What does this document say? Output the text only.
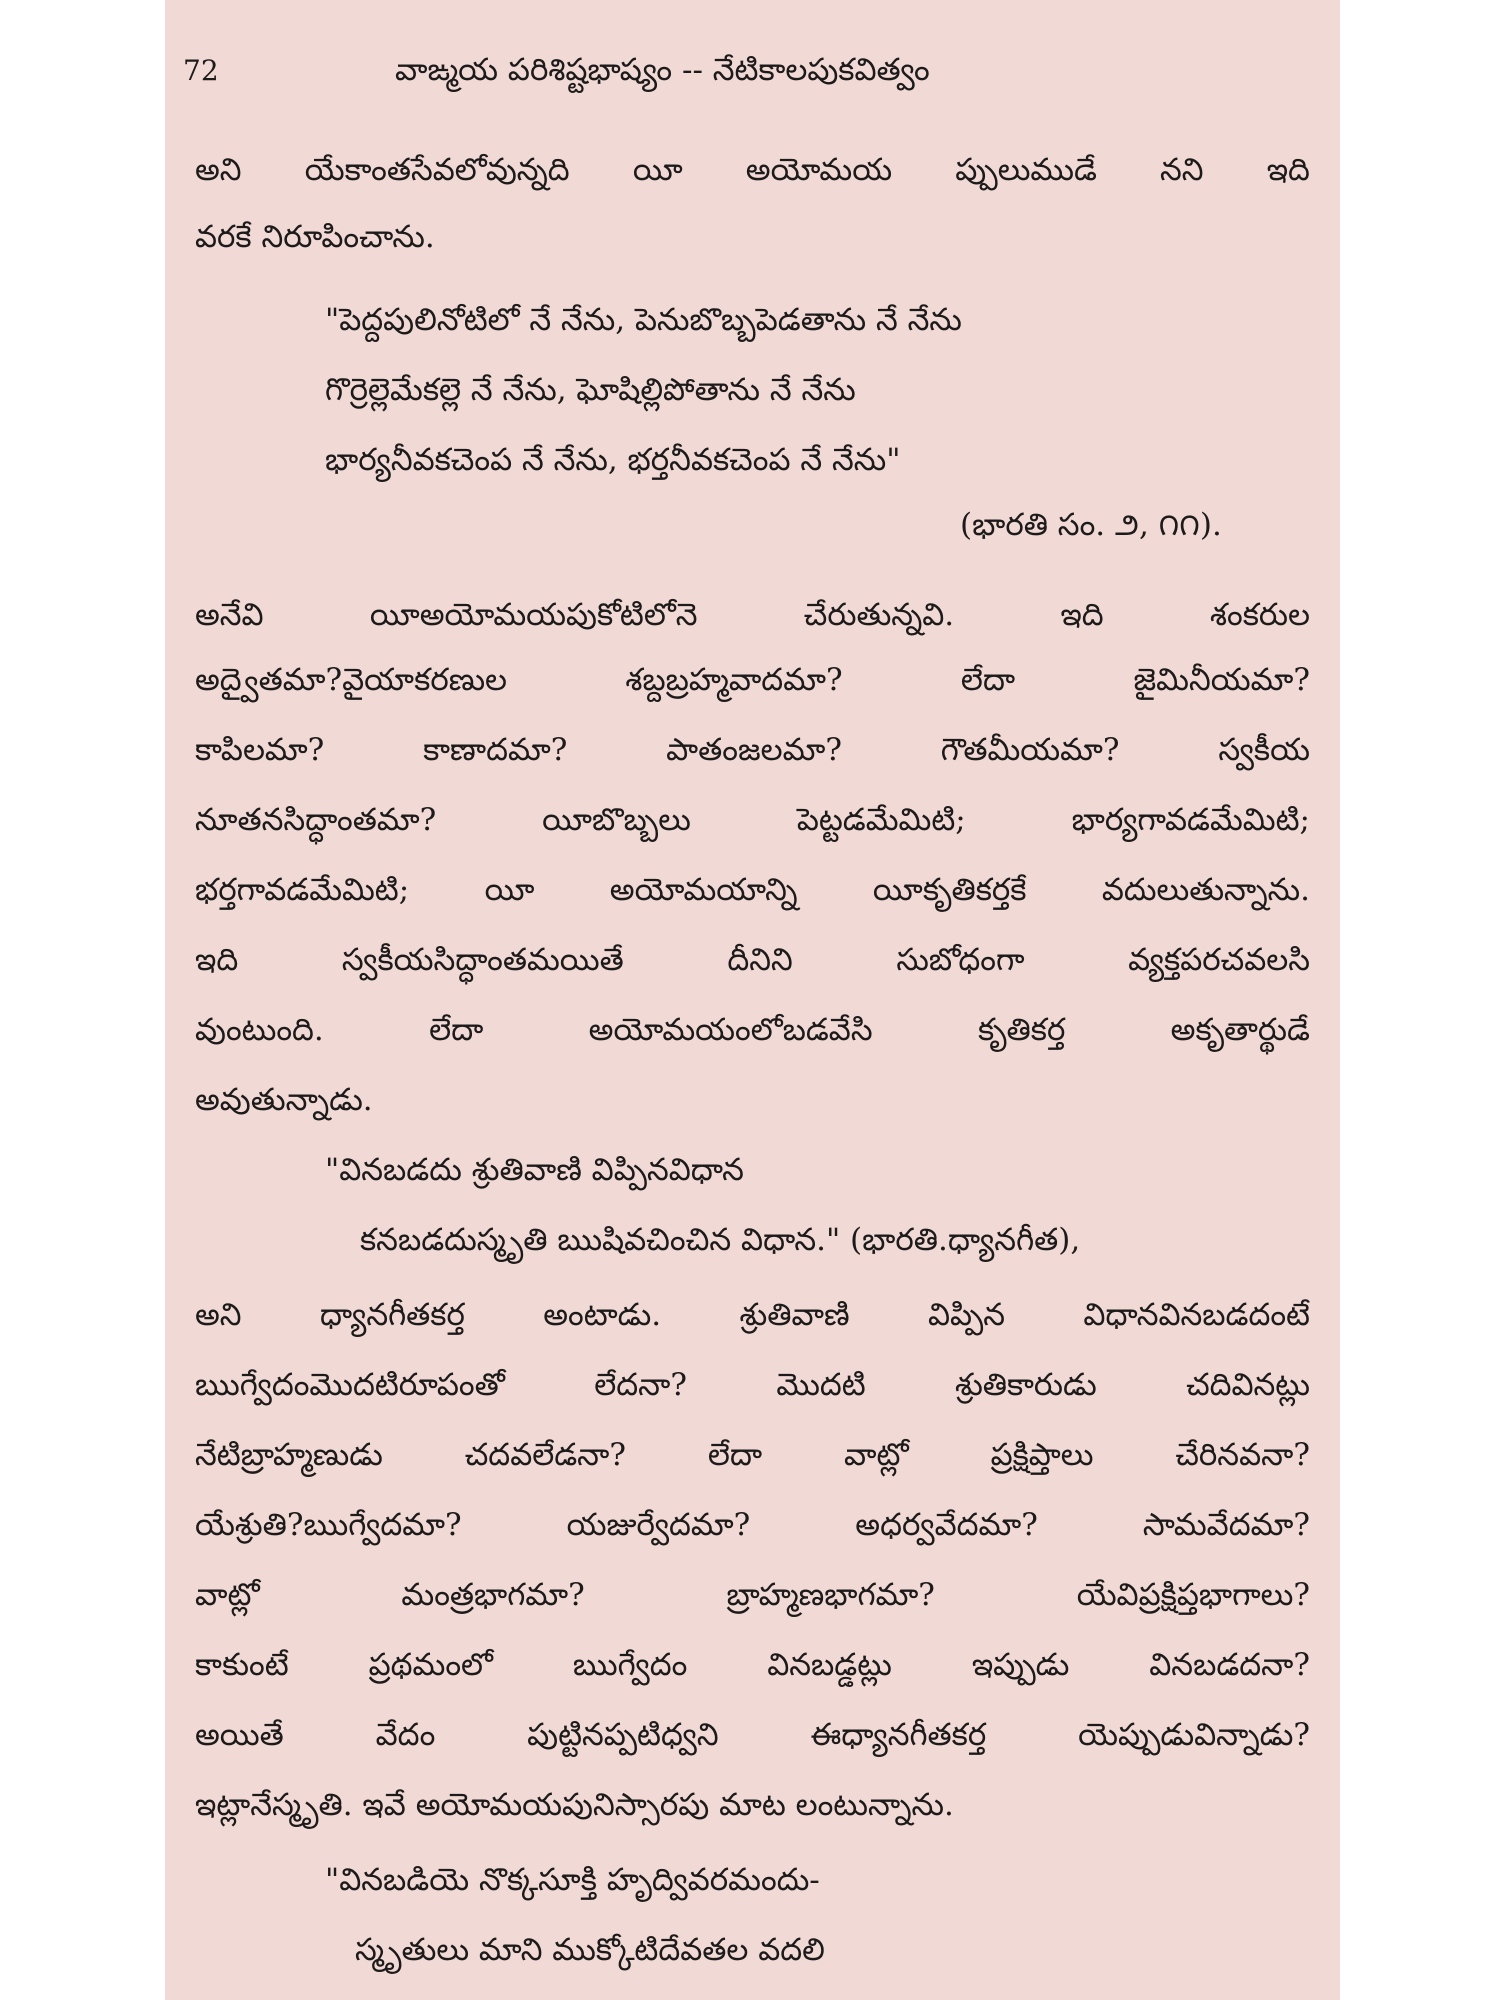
72	వాఙ్మయ పరిశిష్టభాష్యం -- నేటికాలపుకవిత్వం
అని యేకాంతసేవలోవున్నది యీ అయోమయ ప్పులుముడే నని ఇది
వరకే నిరూపించాను.
"పెద్దపులినోటిలో నే నేను, పెనుబొబ్బపెడతాను నే నేను
గొర్రెల్లెమేకల్లె నే నేను, ఘోషిల్లిపోతాను నే నేను
భార్యనీవకచెంప నే నేను, భర్తనీవకచెంప నే నేను"
(భారతి సం. ౨, ౧౧).
అనేవి	యీఅయోమయపుకోటిలోనె	చేరుతున్నవి.	ఇది	శంకరుల
అద్వైతమా?వైయాకరణుల	శబ్దబ్రహ్మవాదమా?	లేదా	జైమినీయమా?
కాపిలమా?	కాణాదమా?	పాతంజలమా?	గౌతమీయమా?	స్వకీయ
నూతనసిద్ధాంతమా?	యీబొబ్బలు	పెట్టడమేమిటి;	భార్యగావడమేమిటి;
భర్తగావడమేమిటి; యీ అయోమయాన్ని యీకృతికర్తకే వదులుతున్నాను.
ఇది	స్వకీయసిద్ధాంతమయితే	దీనిని	సుబోధంగా	వ్యక్తపరచవలసి
వుంటుంది.	లేదా	అయోమయంలోబడవేసి	కృతికర్త	అకృతార్థుడే
అవుతున్నాడు.
"వినబడదు శ్రుతివాణి విప్పినవిధాన
కనబడదుస్మృతి ఋషివచించిన విధాన." (భారతి.ధ్యానగీత),
అని	ధ్యానగీతకర్త	అంటాడు.	శ్రుతివాణి	విప్పిన	విధానవినబడదంటే
ఋగ్వేదంమొదటిరూపంతో	లేదనా?	మొదటి	శ్రుతికారుడు	చదివినట్లు
నేటిబ్రాహ్మణుడు	చదవలేడనా?	లేదా	వాట్లో	ప్రక్షిప్తాలు	చేరినవనా?
యేశ్రుతి?ఋగ్వేదమా?	యజుర్వేదమా?	అధర్వవేదమా?	సామవేదమా?
వాట్లో	మంత్రభాగమా?	బ్రాహ్మణభాగమా?	యేవిప్రక్షిప్తభాగాలు?
కాకుంటే	ప్రథమంలో	ఋగ్వేదం	వినబడ్డట్లు	ఇప్పుడు	వినబడదనా?
అయితే	వేదం	పుట్టినప్పటిధ్వని	ఈధ్యానగీతకర్త	యెప్పుడువిన్నాడు?
ఇట్లానేస్మృతి. ఇవే అయోమయపునిస్సారపు మాట లంటున్నాను.
"వినబడియె నొక్కసూక్తి హృద్వివరమందు-
స్మృతులు మాని ముక్కోటిదేవతల వదలి
